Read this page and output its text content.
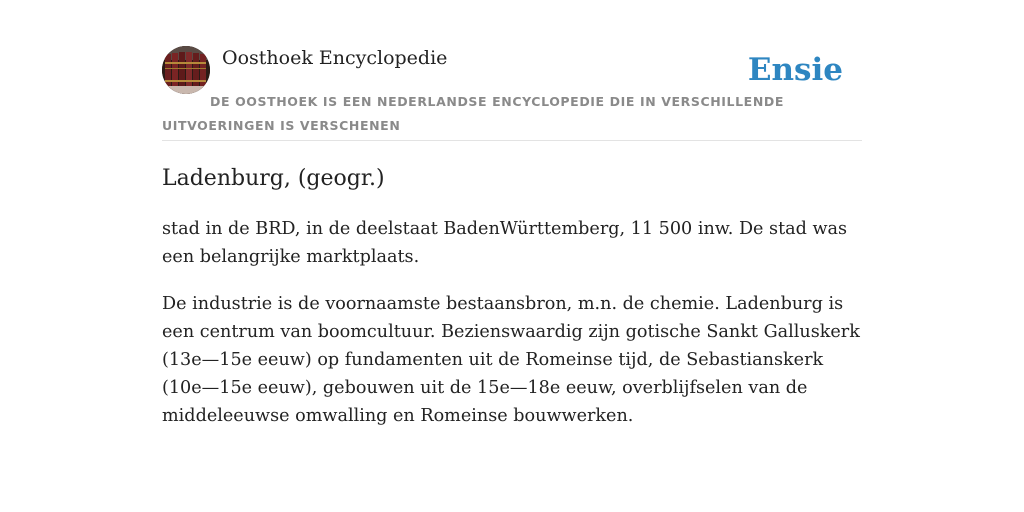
Oosthoek Encyclopedie	Ensie
DE OOSTHOEK IS EEN NEDERLANDSE ENCYCLOPEDIE DIE IN VERSCHILLENDE UITVOERINGEN IS VERSCHENEN
Ladenburg, (geogr.)

stad in de BRD, in de deelstaat BadenWürttemberg, 11 500 inw. De stad was een belangrijke marktplaats.

De industrie is de voornaamste bestaansbron, m.n. de chemie. Ladenburg is een centrum van boomcultuur. Bezienswaardig zijn gotische Sankt Galluskerk (13e—15e eeuw) op fundamenten uit de Romeinse tijd, de Sebastianskerk (10e—15e eeuw), gebouwen uit de 15e—18e eeuw, overblijfselen van de middeleeuwse omwalling en Romeinse bouwwerken.
